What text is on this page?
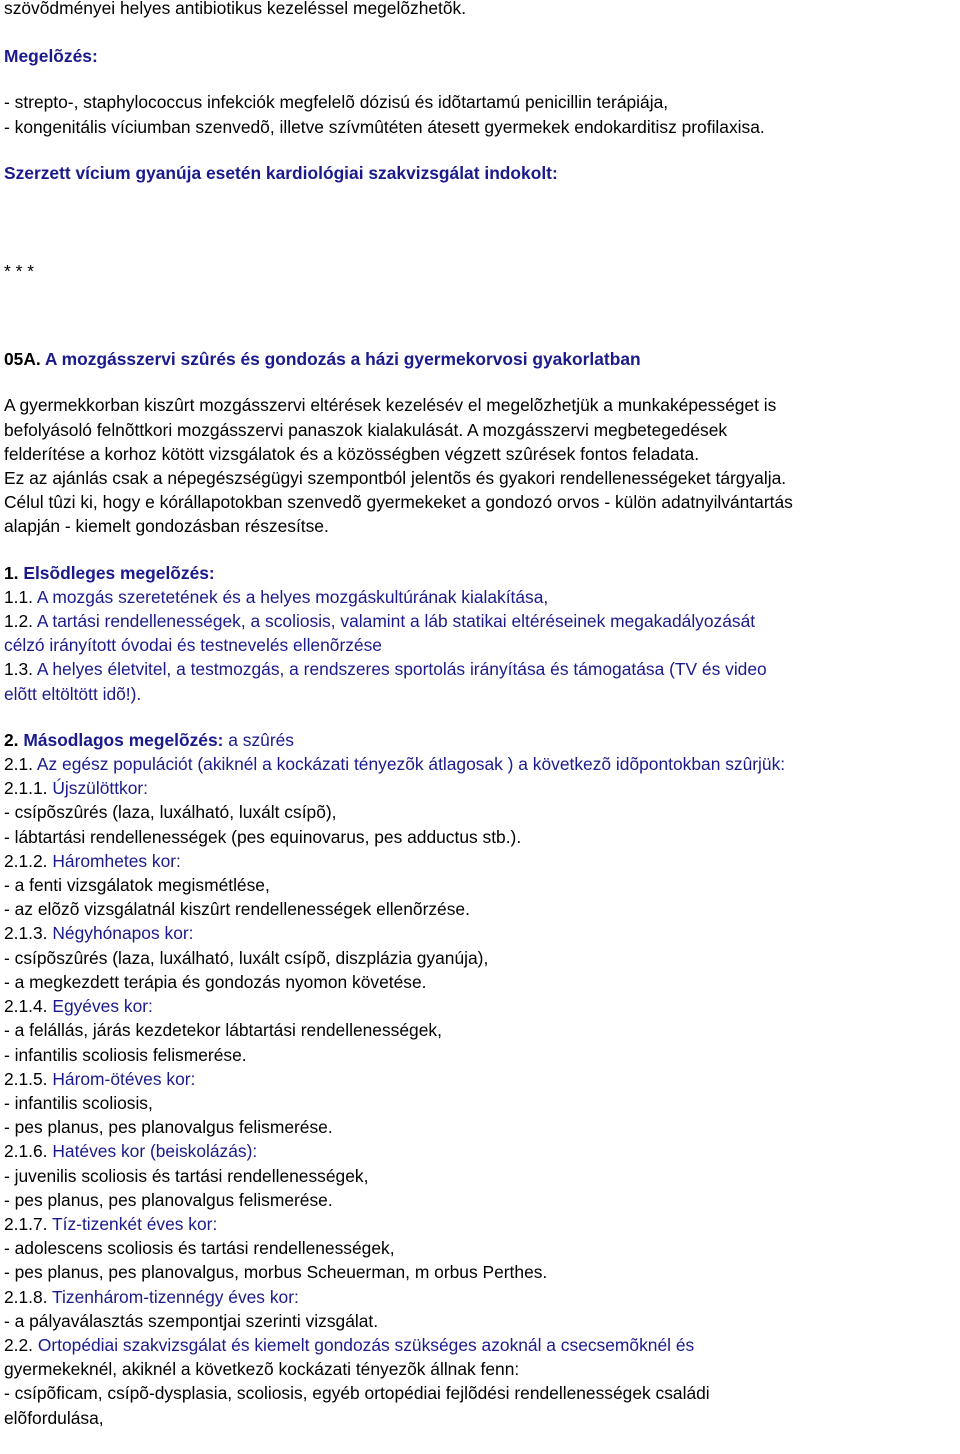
szövõdményei helyes antibiotikus kezeléssel megelõzhetõk.

Megelõzés:

- strepto-, staphylococcus infekciók megfelelõ dózisú és idõtartamú penicillin terápiája,

- kongenitális víciumban szenvedõ, illetve szívmûtéten átesett gyermekek endokarditisz profilaxisa.

Szerzett vícium gyanúja esetén kardiológiai szakvizsgálat indokolt:

* * *

05A. A mozgásszervi szûrés és gondozás a házi gyermekorvosi gyakorlatban

A gyermekkorban kiszûrt mozgásszervi eltérések kezelésév el megelõzhetjük a munkaképességet is

befolyásoló felnõttkori mozgásszervi panaszok kialakulását. A mozgásszervi megbetegedések

felderítése a korhoz kötött vizsgálatok és a közösségben végzett szûrések fontos feladata.

Ez az ajánlás csak a népegészségügyi szempontból jelentõs és gyakori rendellenességeket tárgyalja.

Célul tûzi ki, hogy e kórállapotokban szenvedõ gyermekeket a gondozó orvos - külön adatnyilvántartás

alapján - kiemelt gondozásban részesítse.

1. Elsõdleges megelõzés:

1.1. A mozgás szeretetének és a helyes mozgáskultúrának kialakítása,

1.2. A tartási rendellenességek, a scoliosis, valamint a láb statikai eltéréseinek megakadályozását

célzó irányított óvodai és testnevelés ellenõrzése

1.3. A helyes életvitel, a testmozgás, a rendszeres sportolás irányítása és támogatása (TV és video

elõtt eltöltött idõ!).

2. Másodlagos megelõzés: a szûrés

2.1. Az egész populációt (akiknél a kockázati tényezõk átlagosak ) a következõ idõpontokban szûrjük:

2.1.1. Újszülöttkor:

- csípõszûrés (laza, luxálható, luxált csípõ),

- lábtartási rendellenességek (pes equinovarus, pes adductus stb.).

2.1.2. Háromhetes kor:

- a fenti vizsgálatok megismétlése,

- az elõzõ vizsgálatnál kiszûrt rendellenességek ellenõrzése.

2.1.3. Négyhónapos kor:

- csípõszûrés (laza, luxálható, luxált csípõ, diszplázia gyanúja),

- a megkezdett terápia és gondozás nyomon követése.

2.1.4. Egyéves kor:

- a felállás, járás kezdetekor lábtartási rendellenességek,

- infantilis scoliosis felismerése.

2.1.5. Három-ötéves kor:

- infantilis scoliosis,

- pes planus, pes planovalgus felismerése.

2.1.6. Hatéves kor (beiskolázás):

- juvenilis scoliosis és tartási rendellenességek,

- pes planus, pes planovalgus felismerése.

2.1.7. Tíz-tizenkét éves kor:

- adolescens scoliosis és tartási rendellenességek,

- pes planus, pes planovalgus, morbus Scheuerman, m orbus Perthes.

2.1.8. Tizenhárom-tizennégy éves kor:

- a pályaválasztás szempontjai szerinti vizsgálat.

2.2. Ortopédiai szakvizsgálat és kiemelt gondozás szükséges azoknál a csecsemõknél és

gyermekeknél, akiknél a következõ kockázati tényezõk állnak fenn:

- csípõficam, csípõ-dysplasia, scoliosis, egyéb ortopédiai fejlõdési rendellenességek családi

elõfordulása,
